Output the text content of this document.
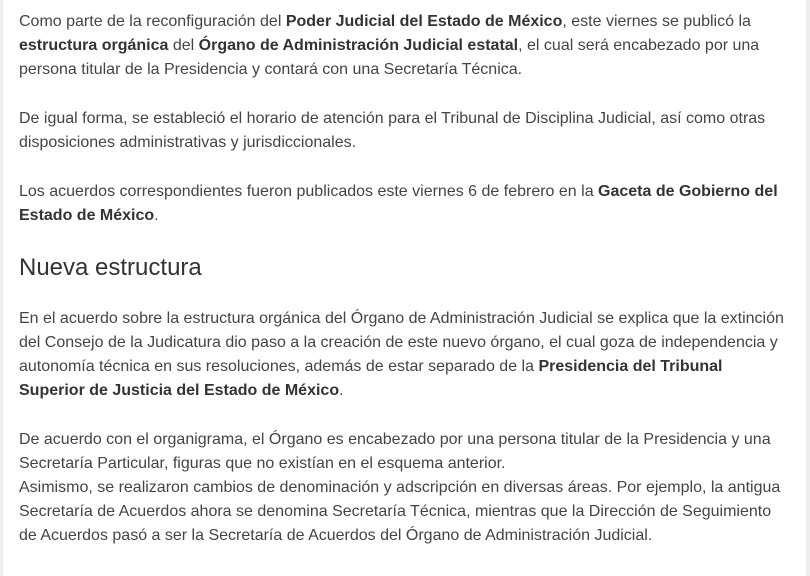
Como parte de la reconfiguración del Poder Judicial del Estado de México, este viernes se publicó la estructura orgánica del Órgano de Administración Judicial estatal, el cual será encabezado por una persona titular de la Presidencia y contará con una Secretaría Técnica.

De igual forma, se estableció el horario de atención para el Tribunal de Disciplina Judicial, así como otras disposiciones administrativas y jurisdiccionales.

Los acuerdos correspondientes fueron publicados este viernes 6 de febrero en la Gaceta de Gobierno del Estado de México.

Nueva estructura

En el acuerdo sobre la estructura orgánica del Órgano de Administración Judicial se explica que la extinción del Consejo de la Judicatura dio paso a la creación de este nuevo órgano, el cual goza de independencia y autonomía técnica en sus resoluciones, además de estar separado de la Presidencia del Tribunal Superior de Justicia del Estado de México.

De acuerdo con el organigrama, el Órgano es encabezado por una persona titular de la Presidencia y una Secretaría Particular, figuras que no existían en el esquema anterior.
Asimismo, se realizaron cambios de denominación y adscripción en diversas áreas. Por ejemplo, la antigua Secretaría de Acuerdos ahora se denomina Secretaría Técnica, mientras que la Dirección de Seguimiento de Acuerdos pasó a ser la Secretaría de Acuerdos del Órgano de Administración Judicial.
